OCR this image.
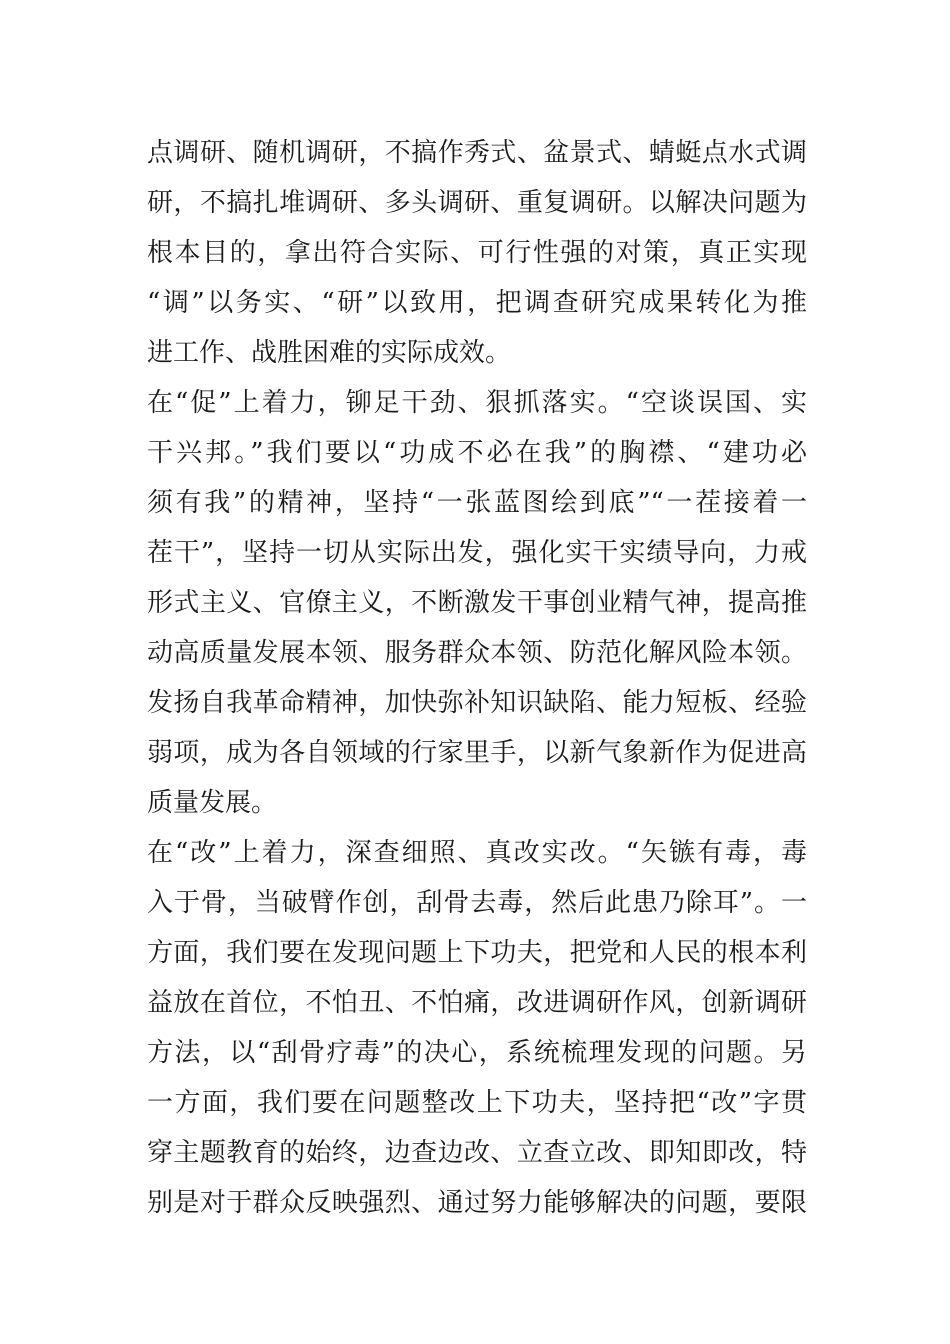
点调研、随机调研，不搞作秀式、盆景式、蜻蜓点水式调
研，不搞扎堆调研、多头调研、重复调研。以解决问题为
根本目的，拿出符合实际、可行性强的对策，真正实现
“调”以务实、“研”以致用，把调查研究成果转化为推
进工作、战胜困难的实际成效。
在“促”上着力，铆足干劲、狠抓落实。“空谈误国、实
干兴邦。”我们要以“功成不必在我”的胸襟、“建功必
须有我”的精神，坚持“一张蓝图绘到底”“一茬接着一
茬干”，坚持一切从实际出发，强化实干实绩导向，力戒
形式主义、官僚主义，不断激发干事创业精气神，提高推
动高质量发展本领、服务群众本领、防范化解风险本领。
发扬自我革命精神，加快弥补知识缺陷、能力短板、经验
弱项，成为各自领域的行家里手，以新气象新作为促进高
质量发展。
在“改”上着力，深查细照、真改实改。“矢镞有毒，毒
入于骨，当破臂作创，刮骨去毒，然后此患乃除耳”。一
方面，我们要在发现问题上下功夫，把党和人民的根本利
益放在首位，不怕丑、不怕痛，改进调研作风，创新调研
方法，以“刮骨疗毒”的决心，系统梳理发现的问题。另
一方面，我们要在问题整改上下功夫，坚持把“改”字贯
穿主题教育的始终，边查边改、立查立改、即知即改，特
别是对于群众反映强烈、通过努力能够解决的问题，要限
